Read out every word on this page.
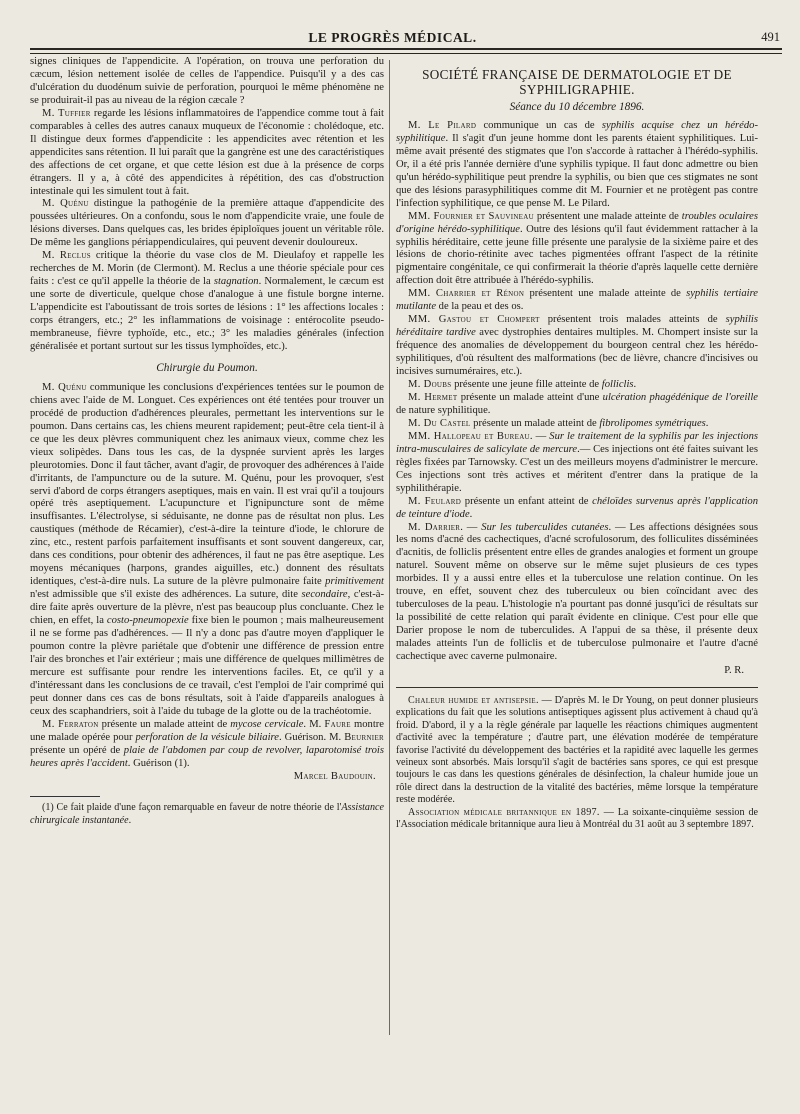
LE PROGRÈS MÉDICAL.	491

signes cliniques de l'appendicite. A l'opération, on trouva une perforation du cæcum, lésion nettement isolée de celles de l'appendice. Puisqu'il y a des cas d'ulcération du duodénum suivie de perforation, pourquoi le même phénomène ne se produirait-il pas au niveau de la région cæcale ?

M. Tuffier regarde les lésions inflammatoires de l'appendice comme tout à fait comparables à celles des autres canaux muqueux de l'économie : cholédoque, etc. Il distingue deux formes d'appendicite : les appendicites avec rétention et les appendicites sans rétention. Il lui paraît que la gangrène est une des caractéristiques des affections de cet organe, et que cette lésion est due à la présence de corps étrangers. Il y a, à côté des appendicites à répétition, des cas d'obstruction intestinale qui les simulent tout à fait.

M. Quénu distingue la pathogénie de la première attaque d'appendicite des poussées ultérieures. On a confondu, sous le nom d'appendicite vraie, une foule de lésions diverses. Dans quelques cas, les brides épiploïques jouent un véritable rôle. De même les ganglions périappendiculaires, qui peuvent devenir douloureux.

M. Reclus critique la théorie du vase clos de M. Dieulafoy et rappelle les recherches de M. Morin (de Clermont). M. Reclus a une théorie spéciale pour ces faits : c'est ce qu'il appelle la théorie de la stagnation. Normalement, le cæcum est une sorte de diverticule, quelque chose d'analogue à une fistule borgne interne. L'appendicite est l'aboutissant de trois sortes de lésions : 1° les affections locales : corps étrangers, etc.; 2° les inflammations de voisinage : entérocolite pseudo-membraneuse, fièvre typhoïde, etc., etc.; 3° les maladies générales (infection généralisée et portant surtout sur les tissus lymphoïdes, etc.).

Chirurgie du Poumon.

M. Quénu communique les conclusions d'expériences tentées sur le poumon de chiens avec l'aide de M. Longuet. Ces expériences ont été tentées pour trouver un procédé de production d'adhérences pleurales, permettant les interventions sur le poumon. Dans certains cas, les chiens meurent rapidement; peut-être cela tient-il à ce que les deux plèvres communiquent chez les animaux vieux, comme chez les vieux solipèdes. Dans tous les cas, de la dyspnée survient après les larges pleurotomies. Donc il faut tâcher, avant d'agir, de provoquer des adhérences à l'aide d'irritants, de l'ampuncture ou de la suture. M. Quénu, pour les provoquer, s'est servi d'abord de corps étrangers aseptiques, mais en vain. Il est vrai qu'il a toujours opéré très aseptiquement. L'acupuncture et l'ignipuncture sont de même insuffisantes. L'électrolyse, si séduisante, ne donne pas de résultat non plus. Les caustiques (méthode de Récamier), c'est-à-dire la teinture d'iode, le chlorure de zinc, etc., restent parfois parfaitement insuffisants et sont souvent dangereux, car, dans ces conditions, pour obtenir des adhérences, il faut ne pas être aseptique. Les moyens mécaniques (harpons, grandes aiguilles, etc.) donnent des résultats identiques, c'est-à-dire nuls. La suture de la plèvre pulmonaire faite primitivement n'est admissible que s'il existe des adhérences. La suture, dite secondaire, c'est-à-dire faite après ouverture de la plèvre, n'est pas beaucoup plus concluante. Chez le chien, en effet, la costo-pneumopexie fixe bien le poumon ; mais malheureusement il ne se forme pas d'adhérences. — Il n'y a donc pas d'autre moyen d'appliquer le poumon contre la plèvre pariétale que d'obtenir une différence de pression entre l'air des bronches et l'air extérieur ; mais une différence de quelques millimètres de mercure est suffisante pour rendre les interventions faciles. Et, ce qu'il y a d'intéressant dans les conclusions de ce travail, c'est l'emploi de l'air comprimé qui peut donner dans ces cas de bons résultats, soit à l'aide d'appareils analogues à ceux des scaphandriers, soit à l'aide du tubage de la glotte ou de la trachéotomie.

M. Ferraton présente un malade atteint de mycose cervicale. M. Faure montre une malade opérée pour perforation de la vésicule biliaire. Guérison. M. Beurnier présente un opéré de plaie de l'abdomen par coup de revolver, laparotomisé trois heures après l'accident. Guérison (1).

Marcel Baudouin.

(1) Ce fait plaide d'une façon remarquable en faveur de notre théorie de l'Assistance chirurgicale instantanée.

SOCIÉTÉ FRANÇAISE DE DERMATOLOGIE ET DE SYPHILIGRAPHIE.
Séance du 10 décembre 1896.

M. Le Pilard communique un cas de syphilis acquise chez un hérédo-syphilitique. Il s'agit d'un jeune homme dont les parents étaient syphilitiques. Lui-même avait présenté des stigmates que l'on s'accorde à rattacher à l'hérédo-syphilis. Or, il a été pris l'année dernière d'une syphilis typique. Il faut donc admettre ou bien qu'un hérédo-syphilitique peut prendre la syphilis, ou bien que ces stigmates ne sont que des lésions parasyphilitiques comme dit M. Fournier et ne protègent pas contre l'infection syphilitique, ce que pense M. Le Pilard.

MM. Fournier et Sauvineau présentent une malade atteinte de troubles oculaires d'origine hérédo-syphilitique. Outre des lésions qu'il faut évidemment rattacher à la syphilis héréditaire, cette jeune fille présente une paralysie de la sixième paire et des lésions de chorio-rétinite avec taches pigmentées offrant l'aspect de la rétinite pigmentaire congénitale, ce qui confirmerait la théorie d'après laquelle cette dernière affection doit être attribuée à l'hérédo-syphilis.

MM. Charrier et Rénon présentent une malade atteinte de syphilis tertiaire mutilante de la peau et des os.

MM. Gastou et Chompert présentent trois malades atteints de syphilis héréditaire tardive avec dystrophies dentaires multiples. M. Chompert insiste sur la fréquence des anomalies de développement du bourgeon central chez les hérédo-syphilitiques, d'où résultent des malformations (bec de lièvre, chancre d'incisives ou incisives surnuméraires, etc.).

M. Doubs présente une jeune fille atteinte de folliclis.

M. Hermet présente un malade atteint d'une ulcération phagédénique de l'oreille de nature syphilitique.

M. Du Castel présente un malade atteint de fibrolipomes symétriques.

MM. Hallopeau et Bureau. — Sur le traitement de la syphilis par les injections intra-musculaires de salicylate de mercure.— Ces injections ont été faites suivant les règles fixées par Tarnowsky. C'est un des meilleurs moyens d'administrer le mercure. Ces injections sont très actives et méritent d'entrer dans la pratique de la syphilithérapie.

M. Feulard présente un enfant atteint de chéloïdes survenus après l'application de teinture d'iode.

M. Darrier. — Sur les tuberculides cutanées. — Les affections désignées sous les noms d'acné des cachectiques, d'acné scrofulosorum, des folliculites disséminées d'acnitis, de folliclis présentent entre elles de grandes analogies et forment un groupe naturel. Souvent même on observe sur le même sujet plusieurs de ces types morbides. Il y a aussi entre elles et la tuberculose une relation continue. On les trouve, en effet, souvent chez des tuberculeux ou bien coïncidant avec des tuberculoses de la peau. L'histologie n'a pourtant pas donné jusqu'ici de résultats sur la possibilité de cette relation qui paraît évidente en clinique. C'est pour elle que Darier propose le nom de tuberculides. A l'appui de sa thèse, il présente deux malades atteints l'un de folliclis et de tuberculose pulmonaire et l'autre d'acné cachectique avec caverne pulmonaire.

P. R.

Chaleur humide et antisepsie. — D'après M. le Dr Young, on peut donner plusieurs explications du fait que les solutions antiseptiques agissent plus activement à chaud qu'à froid. D'abord, il y a la règle générale par laquelle les réactions chimiques augmentent d'activité avec la température ; d'autre part, une élévation modérée de température favorise l'activité du développement des bactéries et la rapidité avec laquelle les germes veineux sont absorbés. Mais lorsqu'il s'agit de bactéries sans spores, ce qui est presque toujours le cas dans les questions générales de désinfection, la chaleur humide joue un rôle direct dans la destruction de la vitalité des bactéries, même lorsque la température reste modérée.

Association médicale britannique en 1897. — La soixante-cinquième session de l'Association médicale britannique aura lieu à Montréal du 31 août au 3 septembre 1897.
